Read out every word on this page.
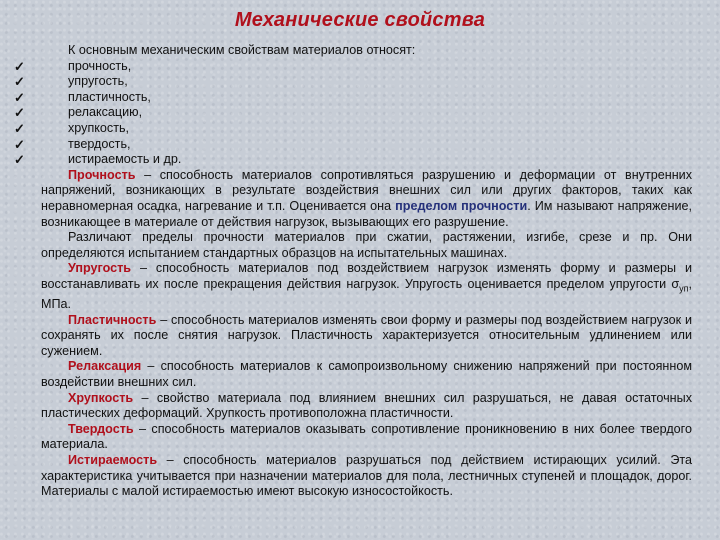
Механические свойства

К основным механическим свойствам материалов относят:

✓	прочность,
✓	упругость,
✓	пластичность,
✓	релаксацию,
✓	хрупкость,
✓	твердость,
✓	истираемость и др.

Прочность – способность материалов сопротивляться разрушению и деформации от внутренних напряжений, возникающих в результате воздействия внешних сил или других факторов, таких как неравномерная осадка, нагревание и т.п. Оценивается она пределом прочности. Им называют напряжение, возникающее в материале от действия нагрузок, вызывающих его разрушение.

Различают пределы прочности материалов при сжатии, растяжении, изгибе, срезе и пр. Они определяются испытанием стандартных образцов на испытательных машинах.

Упругость – способность материалов под воздействием нагрузок изменять форму и размеры и восстанавливать их после прекращения действия нагрузок. Упругость оценивается пределом упругости $\sigma_{уп}$, МПа.

Пластичность – способность материалов изменять свои форму и размеры под воздействием нагрузок и сохранять их после снятия нагрузок. Пластичность характеризуется относительным удлинением или сужением.

Релаксация – способность материалов к самопроизвольному снижению напряжений при постоянном воздействии внешних сил.

Хрупкость – свойство материала под влиянием внешних сил разрушаться, не давая остаточных пластических деформаций. Хрупкость противоположна пластичности.

Твердость – способность материалов оказывать сопротивление проникновению в них более твердого материала.

Истираемость – способность материалов разрушаться под действием истирающих усилий. Эта характеристика учитывается при назначении материалов для пола, лестничных ступеней и площадок, дорог. Материалы с малой истираемостью имеют высокую износостойкость.
